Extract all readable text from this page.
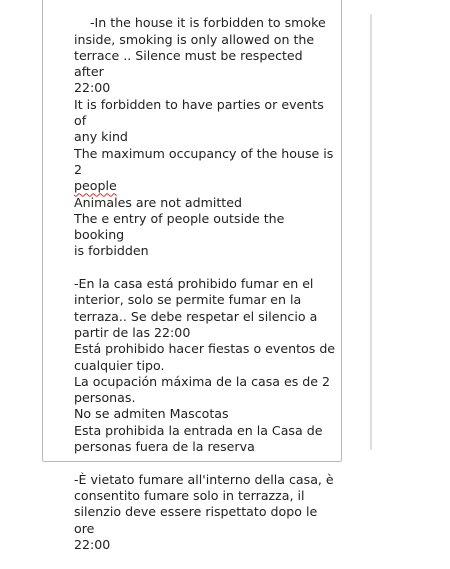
-In the house it is forbidden to smoke
inside, smoking is only allowed on the
terrace .. Silence must be respected after
22:00
It is forbidden to have parties or events of
any kind
The maximum occupancy of the house is 2
people
Animales are not admitted
The e entry of people outside the booking
is forbidden

-En la casa está prohibido fumar en el
interior, solo se permite fumar en la
terraza.. Se debe respetar el silencio a
partir de las 22:00
Está prohibido hacer fiestas o eventos de
cualquier tipo.
La ocupación máxima de la casa es de 2
personas.
No se admiten Mascotas
Esta prohibida la entrada en la Casa de
personas fuera de la reserva

-È vietato fumare all'interno della casa, è
consentito fumare solo in terrazza, il
silenzio deve essere rispettato dopo le ore
22:00
